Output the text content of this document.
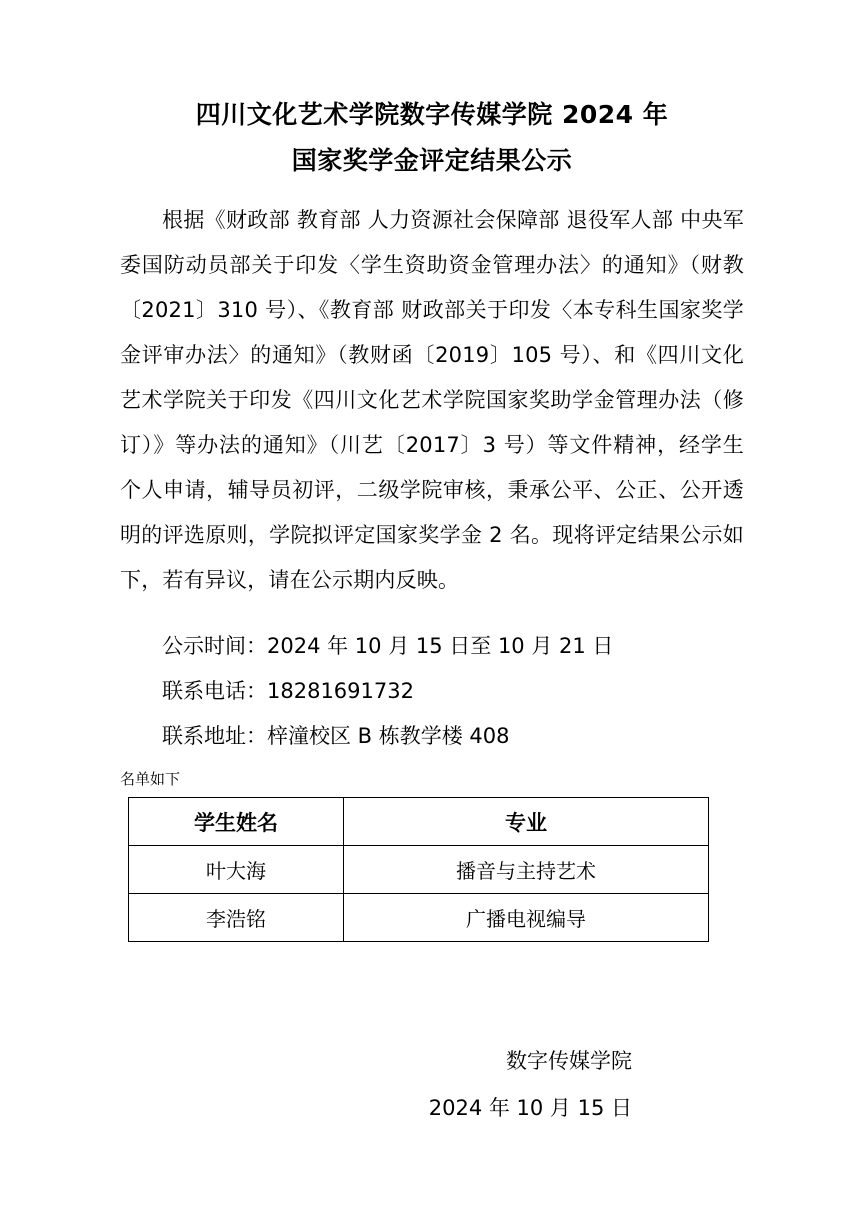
四川文化艺术学院数字传媒学院 2024 年
国家奖学金评定结果公示

根据《财政部 教育部 人力资源社会保障部 退役军人部 中央军委国防动员部关于印发〈学生资助资金管理办法〉的通知》（财教〔2021〕310 号）、《教育部 财政部关于印发〈本专科生国家奖学金评审办法〉的通知》（教财函〔2019〕105 号）、和《四川文化艺术学院关于印发《四川文化艺术学院国家奖助学金管理办法（修订）》等办法的通知》（川艺〔2017〕3 号）等文件精神，经学生个人申请，辅导员初评，二级学院审核，秉承公平、公正、公开透明的评选原则，学院拟评定国家奖学金 2 名。现将评定结果公示如下，若有异议，请在公示期内反映。

公示时间：2024 年 10 月 15 日至 10 月 21 日
联系电话：18281691732
联系地址：梓潼校区 B 栋教学楼 408
名单如下
学生姓名	专业
叶大海	播音与主持艺术
李浩铭	广播电视编导
数字传媒学院
2024 年 10 月 15 日
